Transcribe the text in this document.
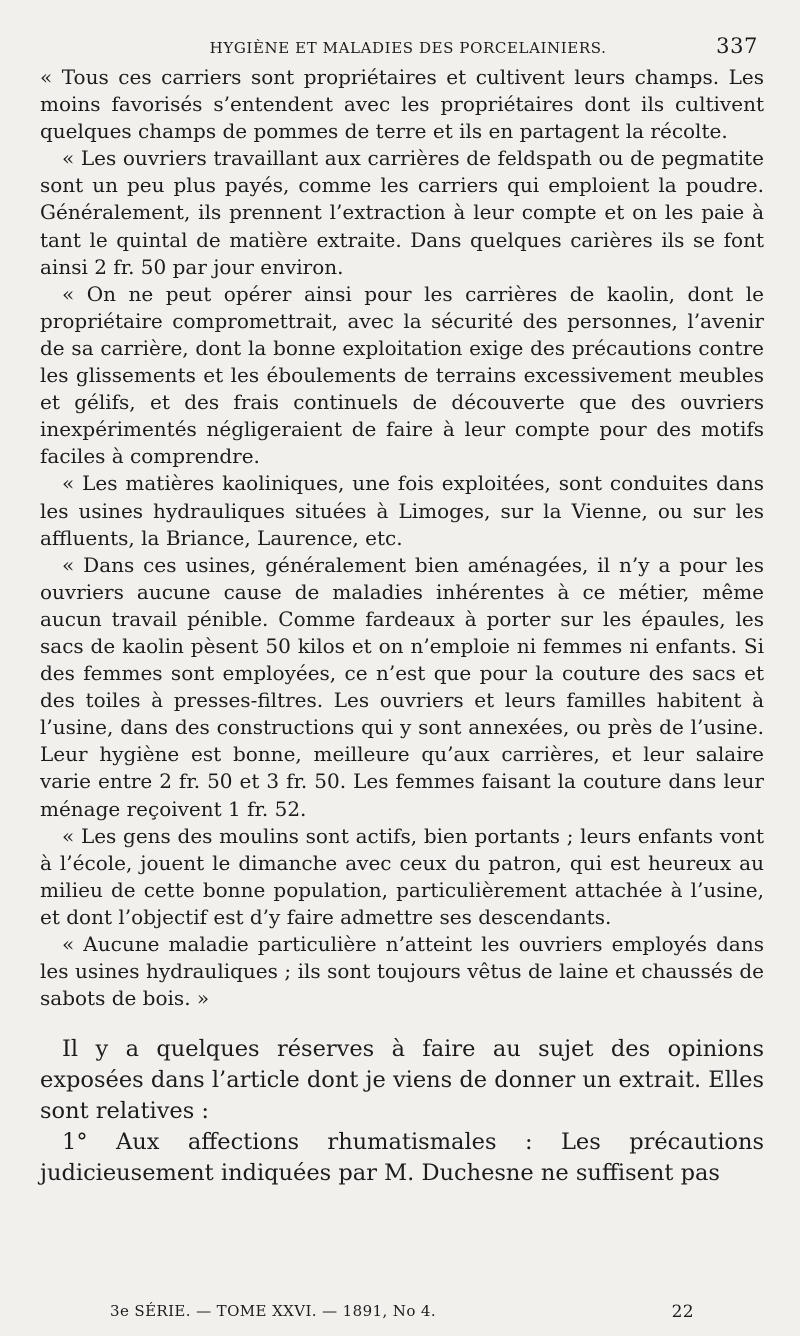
HYGIÈNE ET MALADIES DES PORCELAINIERS.	337

« Tous ces carriers sont propriétaires et cultivent leurs champs. Les moins favorisés s’entendent avec les propriétaires dont ils cultivent quelques champs de pommes de terre et ils en partagent la récolte.

« Les ouvriers travaillant aux carrières de feldspath ou de pegmatite sont un peu plus payés, comme les carriers qui emploient la poudre. Généralement, ils prennent l’extraction à leur compte et on les paie à tant le quintal de matière extraite. Dans quelques carières ils se font ainsi 2 fr. 50 par jour environ.

« On ne peut opérer ainsi pour les carrières de kaolin, dont le propriétaire compromettrait, avec la sécurité des personnes, l’avenir de sa carrière, dont la bonne exploitation exige des précautions contre les glissements et les éboulements de terrains excessivement meubles et gélifs, et des frais continuels de découverte que des ouvriers inexpérimentés négligeraient de faire à leur compte pour des motifs faciles à comprendre.

« Les matières kaoliniques, une fois exploitées, sont conduites dans les usines hydrauliques situées à Limoges, sur la Vienne, ou sur les affluents, la Briance, Laurence, etc.

« Dans ces usines, généralement bien aménagées, il n’y a pour les ouvriers aucune cause de maladies inhérentes à ce métier, même aucun travail pénible. Comme fardeaux à porter sur les épaules, les sacs de kaolin pèsent 50 kilos et on n’emploie ni femmes ni enfants. Si des femmes sont employées, ce n’est que pour la couture des sacs et des toiles à presses-filtres. Les ouvriers et leurs familles habitent à l’usine, dans des constructions qui y sont annexées, ou près de l’usine. Leur hygiène est bonne, meilleure qu’aux carrières, et leur salaire varie entre 2 fr. 50 et 3 fr. 50. Les femmes faisant la couture dans leur ménage reçoivent 1 fr. 52.

« Les gens des moulins sont actifs, bien portants ; leurs enfants vont à l’école, jouent le dimanche avec ceux du patron, qui est heureux au milieu de cette bonne population, particulièrement attachée à l’usine, et dont l’objectif est d’y faire admettre ses descendants.

« Aucune maladie particulière n’atteint les ouvriers employés dans les usines hydrauliques ; ils sont toujours vêtus de laine et chaussés de sabots de bois. »

Il y a quelques réserves à faire au sujet des opinions exposées dans l’article dont je viens de donner un extrait. Elles sont relatives :

1° Aux affections rhumatismales : Les précautions judicieusement indiquées par M. Duchesne ne suffisent pas

3e SÉRIE. — TOME XXVI. — 1891, No 4.	22
